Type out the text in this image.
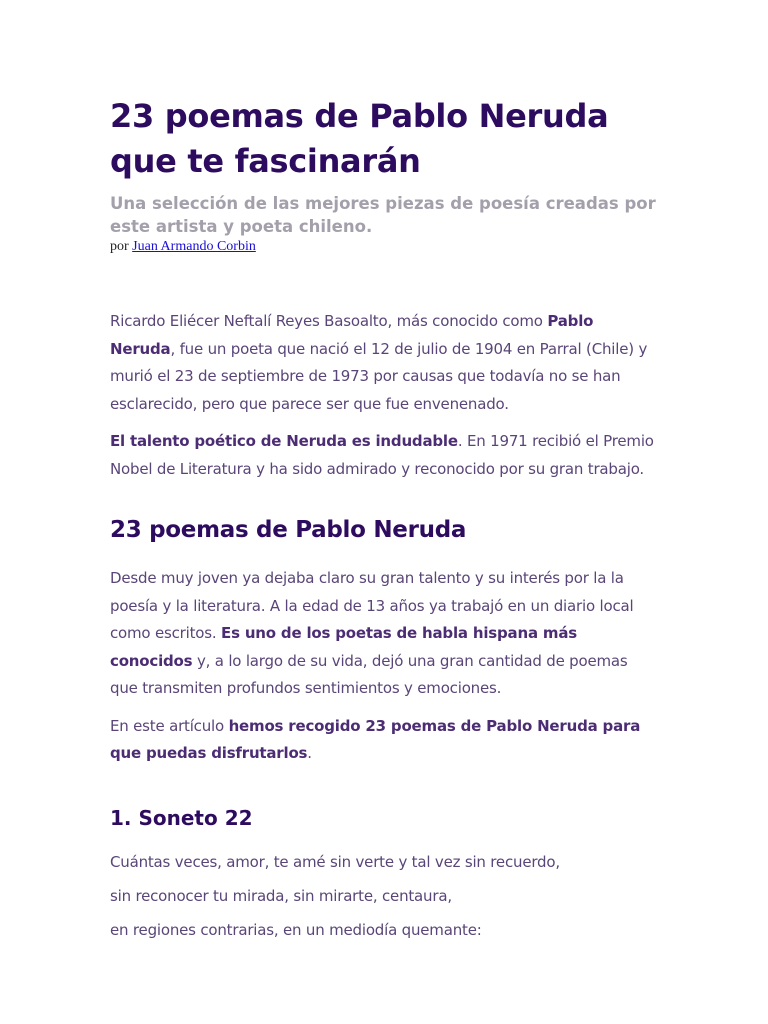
23 poemas de Pablo Neruda que te fascinarán

Una selección de las mejores piezas de poesía creadas por este artista y poeta chileno.

por Juan Armando Corbin

Ricardo Eliécer Neftalí Reyes Basoalto, más conocido como Pablo Neruda, fue un poeta que nació el 12 de julio de 1904 en Parral (Chile) y murió el 23 de septiembre de 1973 por causas que todavía no se han esclarecido, pero que parece ser que fue envenenado.

El talento poético de Neruda es indudable. En 1971 recibió el Premio Nobel de Literatura y ha sido admirado y reconocido por su gran trabajo.

23 poemas de Pablo Neruda

Desde muy joven ya dejaba claro su gran talento y su interés por la la poesía y la literatura. A la edad de 13 años ya trabajó en un diario local como escritos. Es uno de los poetas de habla hispana más conocidos y, a lo largo de su vida, dejó una gran cantidad de poemas que transmiten profundos sentimientos y emociones.

En este artículo hemos recogido 23 poemas de Pablo Neruda para que puedas disfrutarlos.

1. Soneto 22

Cuántas veces, amor, te amé sin verte y tal vez sin recuerdo,

sin reconocer tu mirada, sin mirarte, centaura,

en regiones contrarias, en un mediodía quemante:
